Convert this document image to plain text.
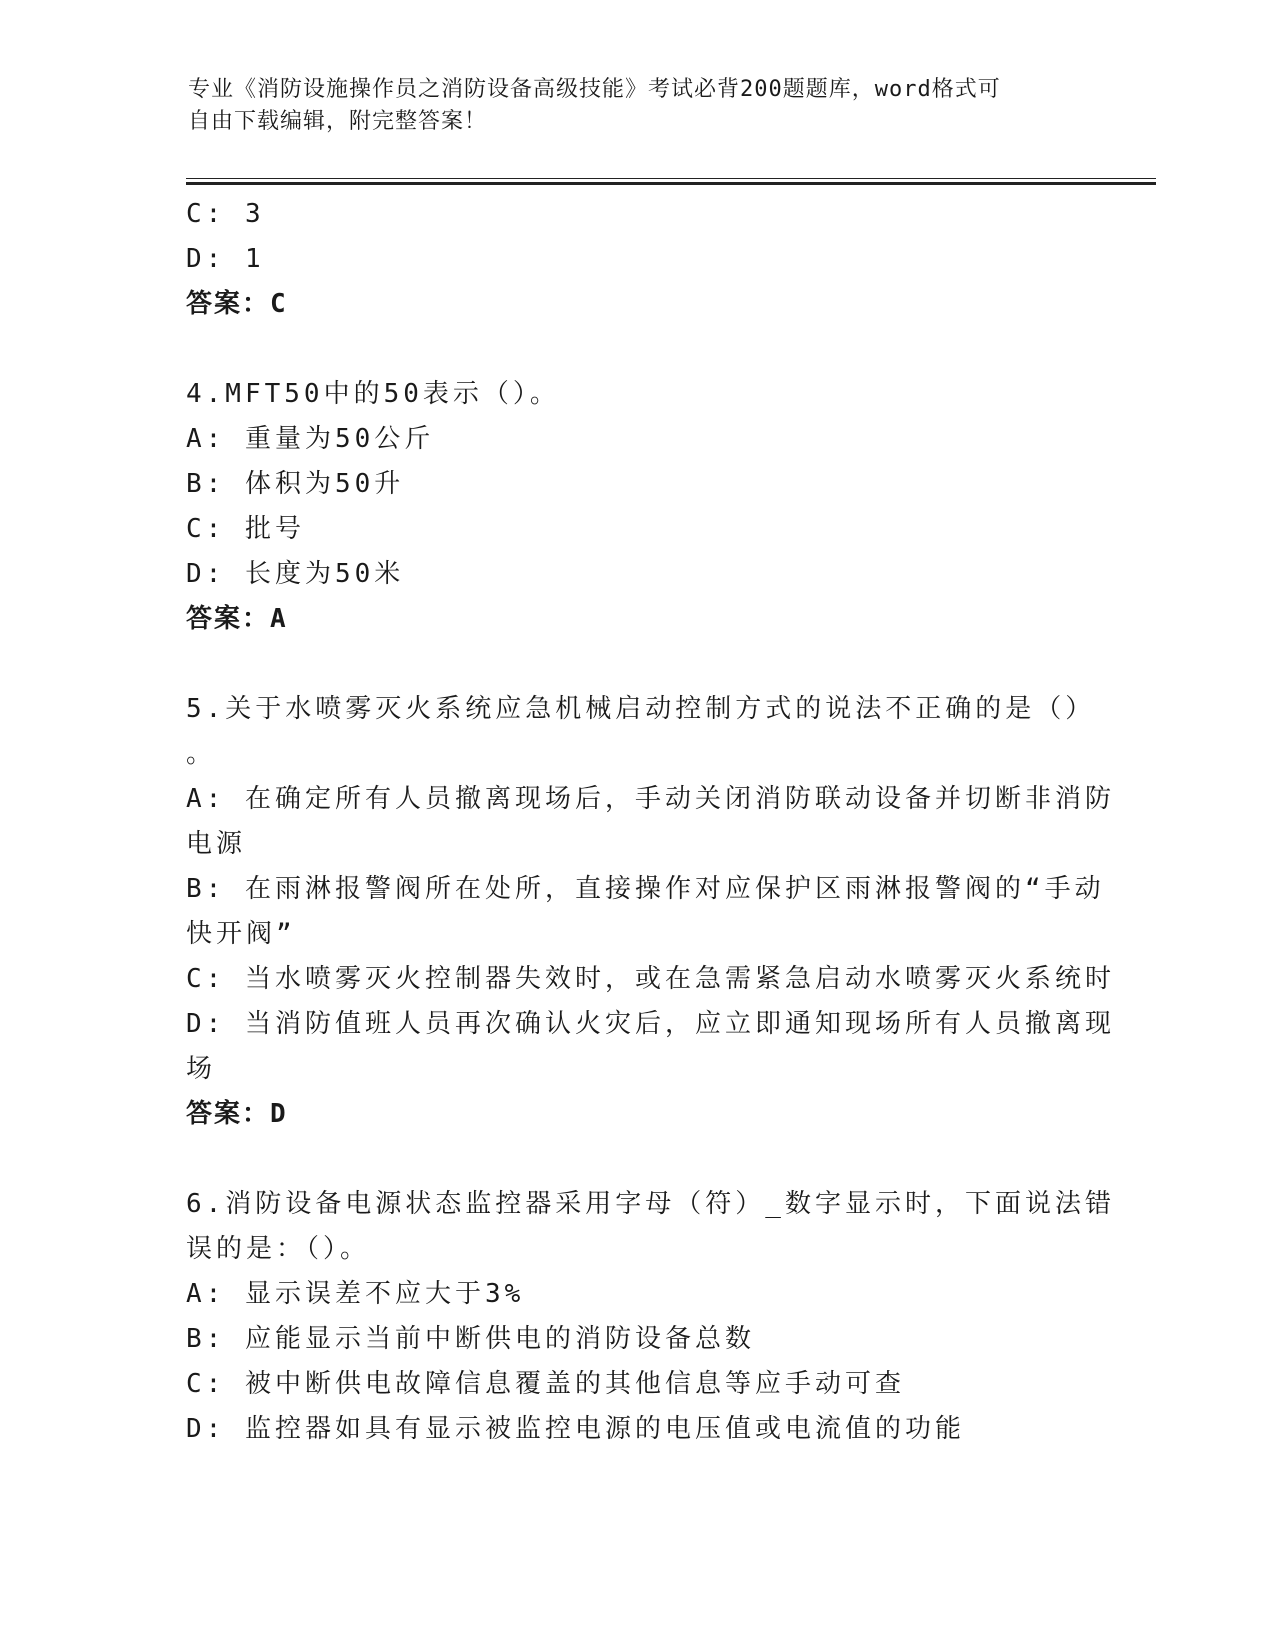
专业《消防设施操作员之消防设备高级技能》考试必背200题题库，word格式可
自由下载编辑，附完整答案！
C: 3
D: 1
答案：C
4.MFT50中的50表示（）。
A: 重量为50公斤
B: 体积为50升
C: 批号
D: 长度为50米
答案：A
5.关于水喷雾灭火系统应急机械启动控制方式的说法不正确的是（）
。
A: 在确定所有人员撤离现场后，手动关闭消防联动设备并切断非消防
电源
B: 在雨淋报警阀所在处所，直接操作对应保护区雨淋报警阀的“手动
快开阀”
C: 当水喷雾灭火控制器失效时，或在急需紧急启动水喷雾灭火系统时
D: 当消防值班人员再次确认火灾后，应立即通知现场所有人员撤离现
场
答案：D
6.消防设备电源状态监控器采用字母（符）_数字显示时，下面说法错
误的是：（）。
A: 显示误差不应大于3%
B: 应能显示当前中断供电的消防设备总数
C: 被中断供电故障信息覆盖的其他信息等应手动可查
D: 监控器如具有显示被监控电源的电压值或电流值的功能
